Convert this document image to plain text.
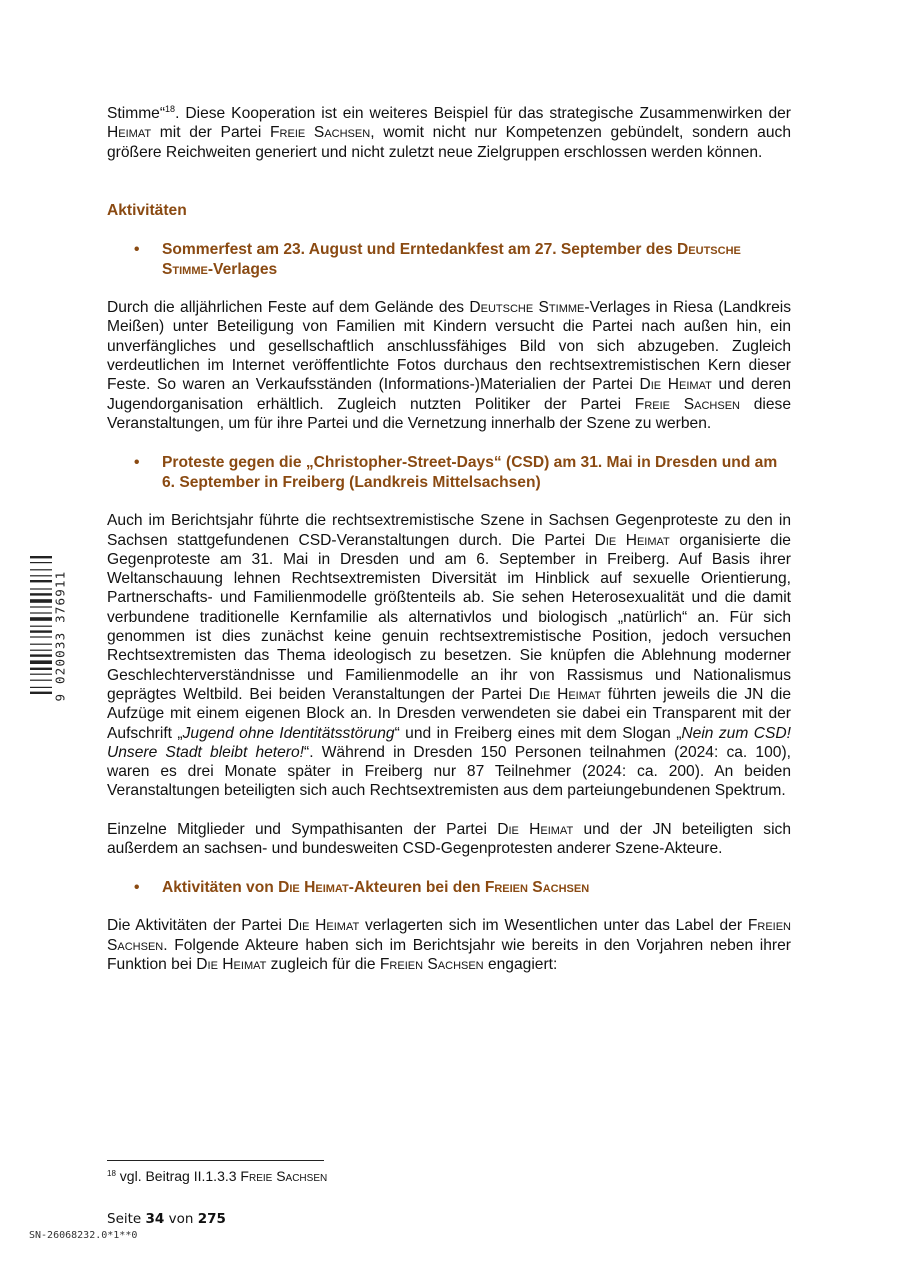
9 020033 376911

Stimme“$^{18}$. Diese Kooperation ist ein weiteres Beispiel für das strategische Zusammenwirken der Heimat mit der Partei Freie Sachsen, womit nicht nur Kompetenzen gebündelt, sondern auch größere Reichweiten generiert und nicht zuletzt neue Zielgruppen erschlossen werden können.

Aktivitäten
• Sommerfest am 23. August und Erntedankfest am 27. September des Deutsche Stimme-Verlages

Durch die alljährlichen Feste auf dem Gelände des Deutsche Stimme-Verlages in Riesa (Landkreis Meißen) unter Beteiligung von Familien mit Kindern versucht die Partei nach außen hin, ein unverfängliches und gesellschaftlich anschlussfähiges Bild von sich abzugeben. Zugleich verdeutlichen im Internet veröffentlichte Fotos durchaus den rechtsextremistischen Kern dieser Feste. So waren an Verkaufsständen (Informations-)Materialien der Partei Die Heimat und deren Jugendorganisation erhältlich. Zugleich nutzten Politiker der Partei Freie Sachsen diese Veranstaltungen, um für ihre Partei und die Vernetzung innerhalb der Szene zu werben.

• Proteste gegen die „Christopher-Street-Days“ (CSD) am 31. Mai in Dresden und am 6. September in Freiberg (Landkreis Mittelsachsen)

Auch im Berichtsjahr führte die rechtsextremistische Szene in Sachsen Gegenproteste zu den in Sachsen stattgefundenen CSD-Veranstaltungen durch. Die Partei Die Heimat organisierte die Gegenproteste am 31. Mai in Dresden und am 6. September in Freiberg. Auf Basis ihrer Weltanschauung lehnen Rechtsextremisten Diversität im Hinblick auf sexuelle Orientierung, Partnerschafts- und Familienmodelle größtenteils ab. Sie sehen Heterosexualität und die damit verbundene traditionelle Kernfamilie als alternativlos und biologisch „natürlich“ an. Für sich genommen ist dies zunächst keine genuin rechtsextremistische Position, jedoch versuchen Rechtsextremisten das Thema ideologisch zu besetzen. Sie knüpfen die Ablehnung moderner Geschlechterverständnisse und Familienmodelle an ihr von Rassismus und Nationalismus geprägtes Weltbild. Bei beiden Veranstaltungen der Partei Die Heimat führten jeweils die JN die Aufzüge mit einem eigenen Block an. In Dresden verwendeten sie dabei ein Transparent mit der Aufschrift „Jugend ohne Identitätsstörung“ und in Freiberg eines mit dem Slogan „Nein zum CSD! Unsere Stadt bleibt hetero!“. Während in Dresden 150 Personen teilnahmen (2024: ca. 100), waren es drei Monate später in Freiberg nur 87 Teilnehmer (2024: ca. 200). An beiden Veranstaltungen beteiligten sich auch Rechtsextremisten aus dem parteiungebundenen Spektrum.

Einzelne Mitglieder und Sympathisanten der Partei Die Heimat und der JN beteiligten sich außerdem an sachsen- und bundesweiten CSD-Gegenprotesten anderer Szene-Akteure.

• Aktivitäten von Die Heimat-Akteuren bei den Freien Sachsen

Die Aktivitäten der Partei Die Heimat verlagerten sich im Wesentlichen unter das Label der Freien Sachsen. Folgende Akteure haben sich im Berichtsjahr wie bereits in den Vorjahren neben ihrer Funktion bei Die Heimat zugleich für die Freien Sachsen engagiert:

$^{18}$ vgl. Beitrag II.1.3.3 Freie Sachsen
Seite 34 von 275
SN-26068232.0*1**0
